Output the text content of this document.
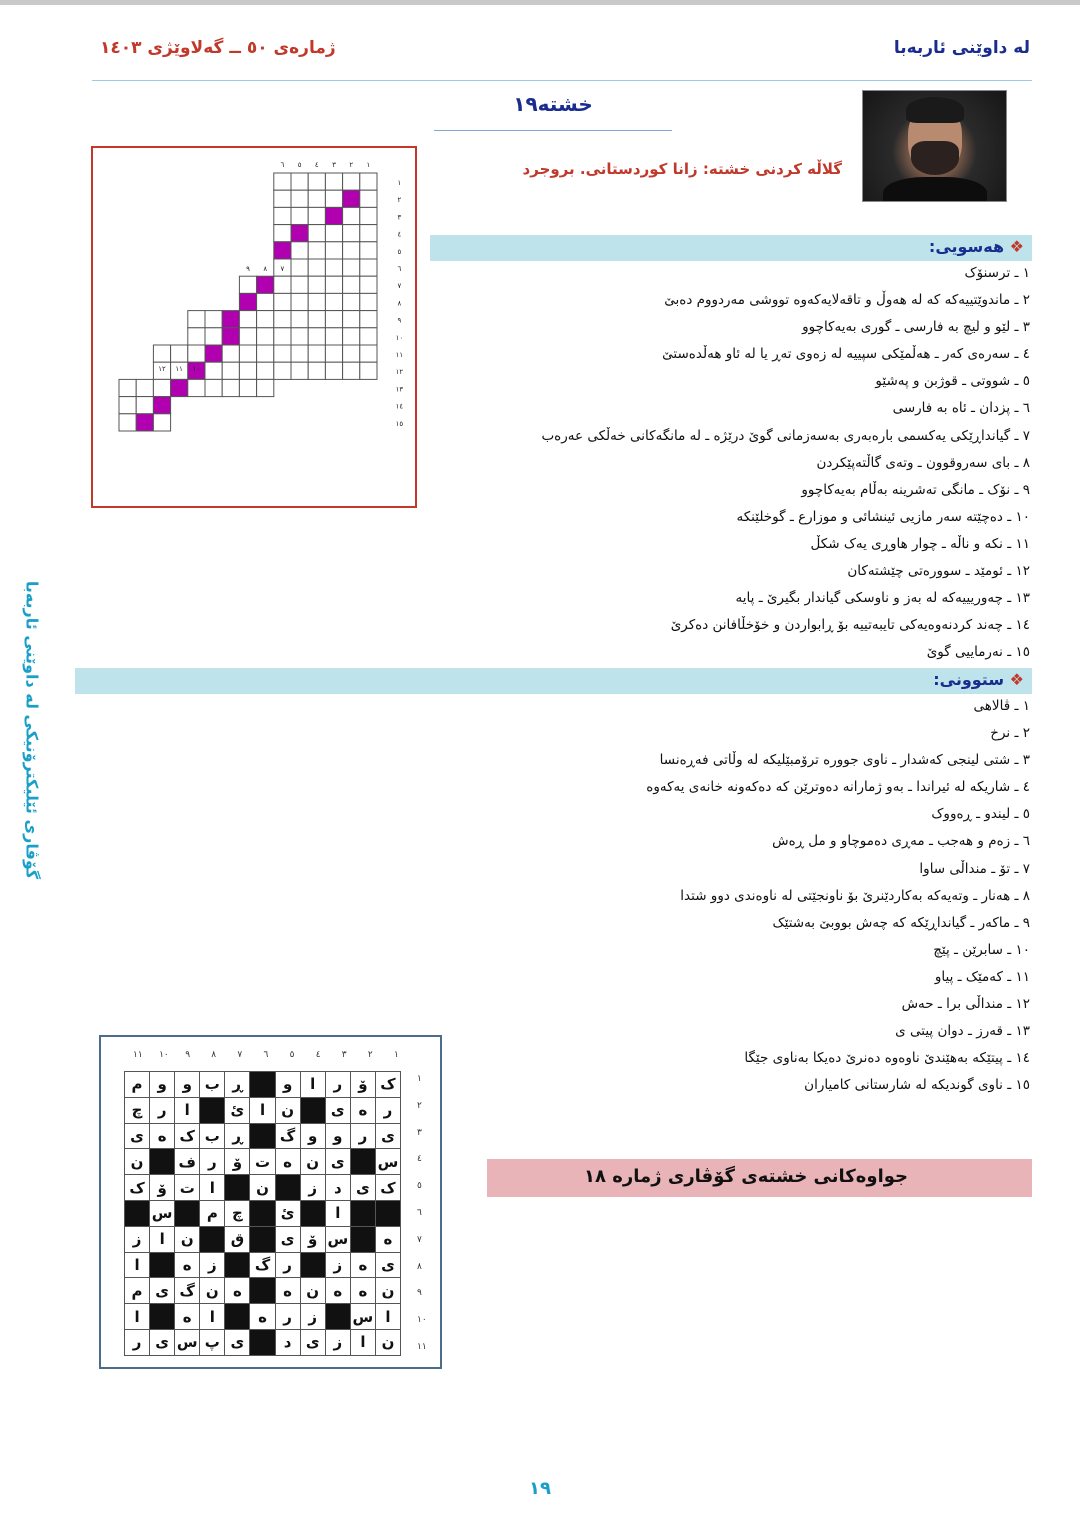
له داوێنی ئاربەبا
ژمارەی ٥٠ ــ گەلاوێژی ١٤٠٣
خشته١٩
گلاڵە کردنی خشتە: زانا کوردستانی. بروجرد
٦ ٥ ٤ ٣ ٢ ١
١
٢
٣
٤
٥
٦
٧
٨
٩
١٠
١١
١٢
١٣
١٤
١٥
٩ ٨ ٧
١٢ ١١ ١٠
❖ هەسویی:
١ ـ ترسنۆک
٢ ـ ماندوێتییەکە کە لە هەوڵ و تاقەلایەکەوە تووشی مەردووم دەبێ
٣ ـ لێو و لیچ بە فارسی ـ گوری بەیەکاچوو
٤ ـ سەرەی کەر ـ هەڵمێکی سپییە لە زەوی تەڕ یا لە ئاو هەڵدەستێ
٥ ـ شووتی ـ قوژبن و پەشێو
٦ ـ پزدان ـ ئاە بە فارسی
٧ ـ گیانداڕێکی یەکسمی بارەبەری بەسەزمانی گوێ درێژە ـ لە مانگەکانی خەڵکی عەرەب
٨ ـ بای سەروقوون ـ وتەی گاڵتەپێکردن
٩ ـ نۆک ـ مانگی تەشرینە بەڵام بەیەکاچوو
١٠ ـ دەچێتە سەر مازیی ئینشائی و موزارع ـ گوخلێنکە
١١ ـ نکە و ناڵە ـ چوار هاوڕی یەک شکڵ
١٢ ـ ئومێد ـ سوورەتی چێشتەکان
١٣ ـ چەوریییەکە لە بەز و ناوسکی گیاندار بگیرێ ـ پایە
١٤ ـ چەند کردنەوەیەکی تایبەتییە بۆ ڕابواردن و خۆخڵافانن دەکرێ
١٥ ـ نەرماییی گوێ
❖ ستوونی:
١ ـ ڤالاهی
٢ ـ نرخ
٣ ـ شتی لینجی کەشدار ـ ناوی جووره ترۆمبێلیکە لە وڵاتی فەڕەنسا
٤ ـ شاریکە لە ئیراندا ـ بەو ژمارانە دەوترێن کە دەکەونە خانەی یەکەوە
٥ ـ لیندو ـ ڕەووک
٦ ـ زەم و هەجب ـ مەڕی دەموچاو و مل ڕەش
٧ ـ تۆ ـ منداڵی ساوا
٨ ـ هەنار ـ وتەیەکە بەکاردێنرێ بۆ ناونجێتی لە ناوەندی دوو شتدا
٩ ـ ماکەر ـ گیانداڕێکە کە چەش بووبێ بەشتێک
١٠ ـ سابرێن ـ پێچ
١١ ـ کەمێک ـ پیاو
١٢ ـ منداڵی برا ـ حەش
١٣ ـ قەرز ـ دوان پیتی ی
١٤ ـ پیتێکە بەهێندێ ناوەوە دەنرێ دەیکا بەناوی جێگا
١٥ ـ ناوی گوندیکە لە شارستانی کامیاران
گۆڤاری ئێلیکترۆنیکی له داوێنی ئاربەبا
١١ ١٠ ٩ ٨ ٧ ٦ ٥ ٤ ٣ ٢ ١
١
٢
٣
٤
٥
٦
٧
٨
٩
١٠
١١
م	و	و	ب	ڕ		و	ا	ر	ۆ	ک
چ	ر	ا		ئ	ا	ن		ی	ه	ر
ی	ه	ک	ب	ڕ		گ	و	و	ر	ی
ن		ف	ر	ۆ	ت	ه	ن	ی		س
ک	ۆ	ت	ا		ن		ز	د	ی	ک
	س		م	چ		ئ		ا		
ز	ا	ن		ق		ی	ۆ	س		ه
ا		ه	ز		گ	ر		ز	ه	ی
م	ی	گ	ن	ه		ه	ن	ه	ه	ن
ا		ه	ا		ه	ر	ز		س	ا
ر	ی	س	پ	ی		د	ی	ز	ا	ن
جواوەکانی خشتەی گۆڤاری ژمارە ١٨
١٩
